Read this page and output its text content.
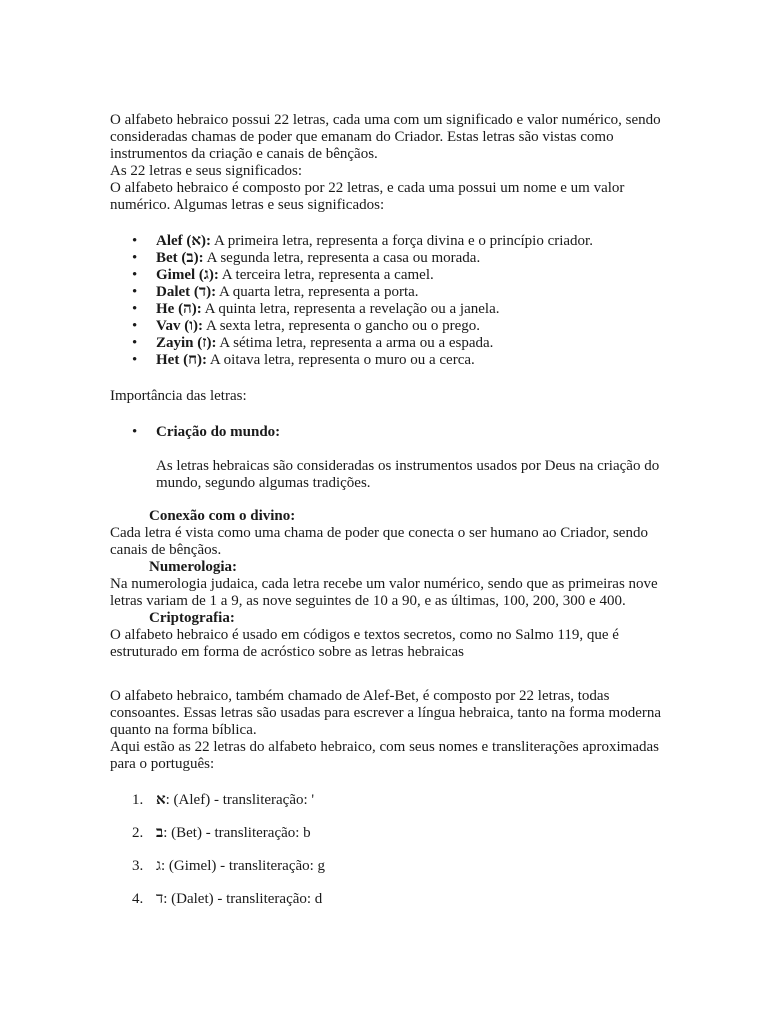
O alfabeto hebraico possui 22 letras, cada uma com um significado e valor numérico, sendo consideradas chamas de poder que emanam do Criador. Estas letras são vistas como instrumentos da criação e canais de bênçãos.

As 22 letras e seus significados:

O alfabeto hebraico é composto por 22 letras, e cada uma possui um nome e um valor numérico. Algumas letras e seus significados:

• Alef (א): A primeira letra, representa a força divina e o princípio criador.
• Bet (ב): A segunda letra, representa a casa ou morada.
• Gimel (ג): A terceira letra, representa a camel.
• Dalet (ד): A quarta letra, representa a porta.
• He (ה): A quinta letra, representa a revelação ou a janela.
• Vav (ו): A sexta letra, representa o gancho ou o prego.
• Zayin (ז): A sétima letra, representa a arma ou a espada.
• Het (ח): A oitava letra, representa o muro ou a cerca.

Importância das letras:

• Criação do mundo:

As letras hebraicas são consideradas os instrumentos usados por Deus na criação do mundo, segundo algumas tradições.

Conexão com o divino:

Cada letra é vista como uma chama de poder que conecta o ser humano ao Criador, sendo canais de bênçãos.

Numerologia:

Na numerologia judaica, cada letra recebe um valor numérico, sendo que as primeiras nove letras variam de 1 a 9, as nove seguintes de 10 a 90, e as últimas, 100, 200, 300 e 400.

Criptografia:

O alfabeto hebraico é usado em códigos e textos secretos, como no Salmo 119, que é estruturado em forma de acróstico sobre as letras hebraicas

O alfabeto hebraico, também chamado de Alef-Bet, é composto por 22 letras, todas consoantes. Essas letras são usadas para escrever a língua hebraica, tanto na forma moderna quanto na forma bíblica.

Aqui estão as 22 letras do alfabeto hebraico, com seus nomes e transliterações aproximadas para o português:

1. א: (Alef) - transliteração: '
2. ב: (Bet) - transliteração: b
3. ג: (Gimel) - transliteração: g
4. ד: (Dalet) - transliteração: d
